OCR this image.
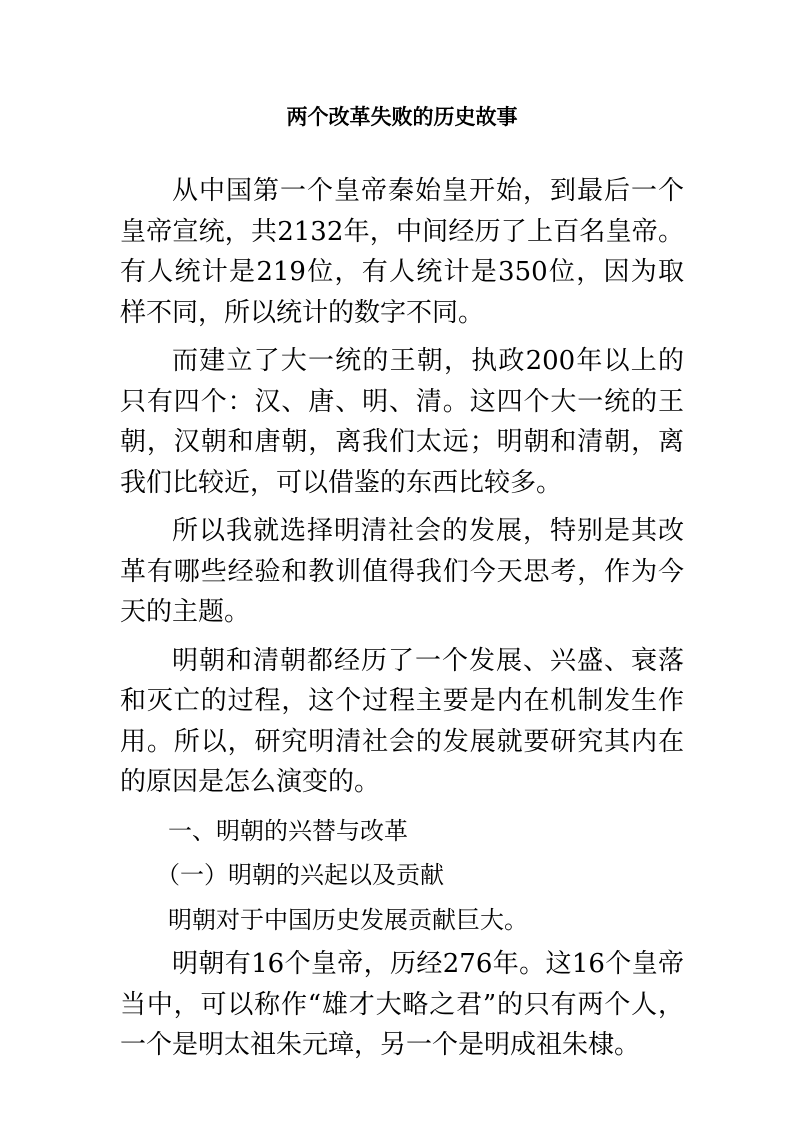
两个改革失败的历史故事

从中国第一个皇帝秦始皇开始，到最后一个皇帝宣统，共2132年，中间经历了上百名皇帝。有人统计是219位，有人统计是350位，因为取样不同，所以统计的数字不同。

而建立了大一统的王朝，执政200年以上的只有四个：汉、唐、明、清。这四个大一统的王朝，汉朝和唐朝，离我们太远；明朝和清朝，离我们比较近，可以借鉴的东西比较多。

所以我就选择明清社会的发展，特别是其改革有哪些经验和教训值得我们今天思考，作为今天的主题。

明朝和清朝都经历了一个发展、兴盛、衰落和灭亡的过程，这个过程主要是内在机制发生作用。所以，研究明清社会的发展就要研究其内在的原因是怎么演变的。

一、明朝的兴替与改革

（一）明朝的兴起以及贡献

明朝对于中国历史发展贡献巨大。

明朝有16个皇帝，历经276年。这16个皇帝当中，可以称作“雄才大略之君”的只有两个人，一个是明太祖朱元璋，另一个是明成祖朱棣。
